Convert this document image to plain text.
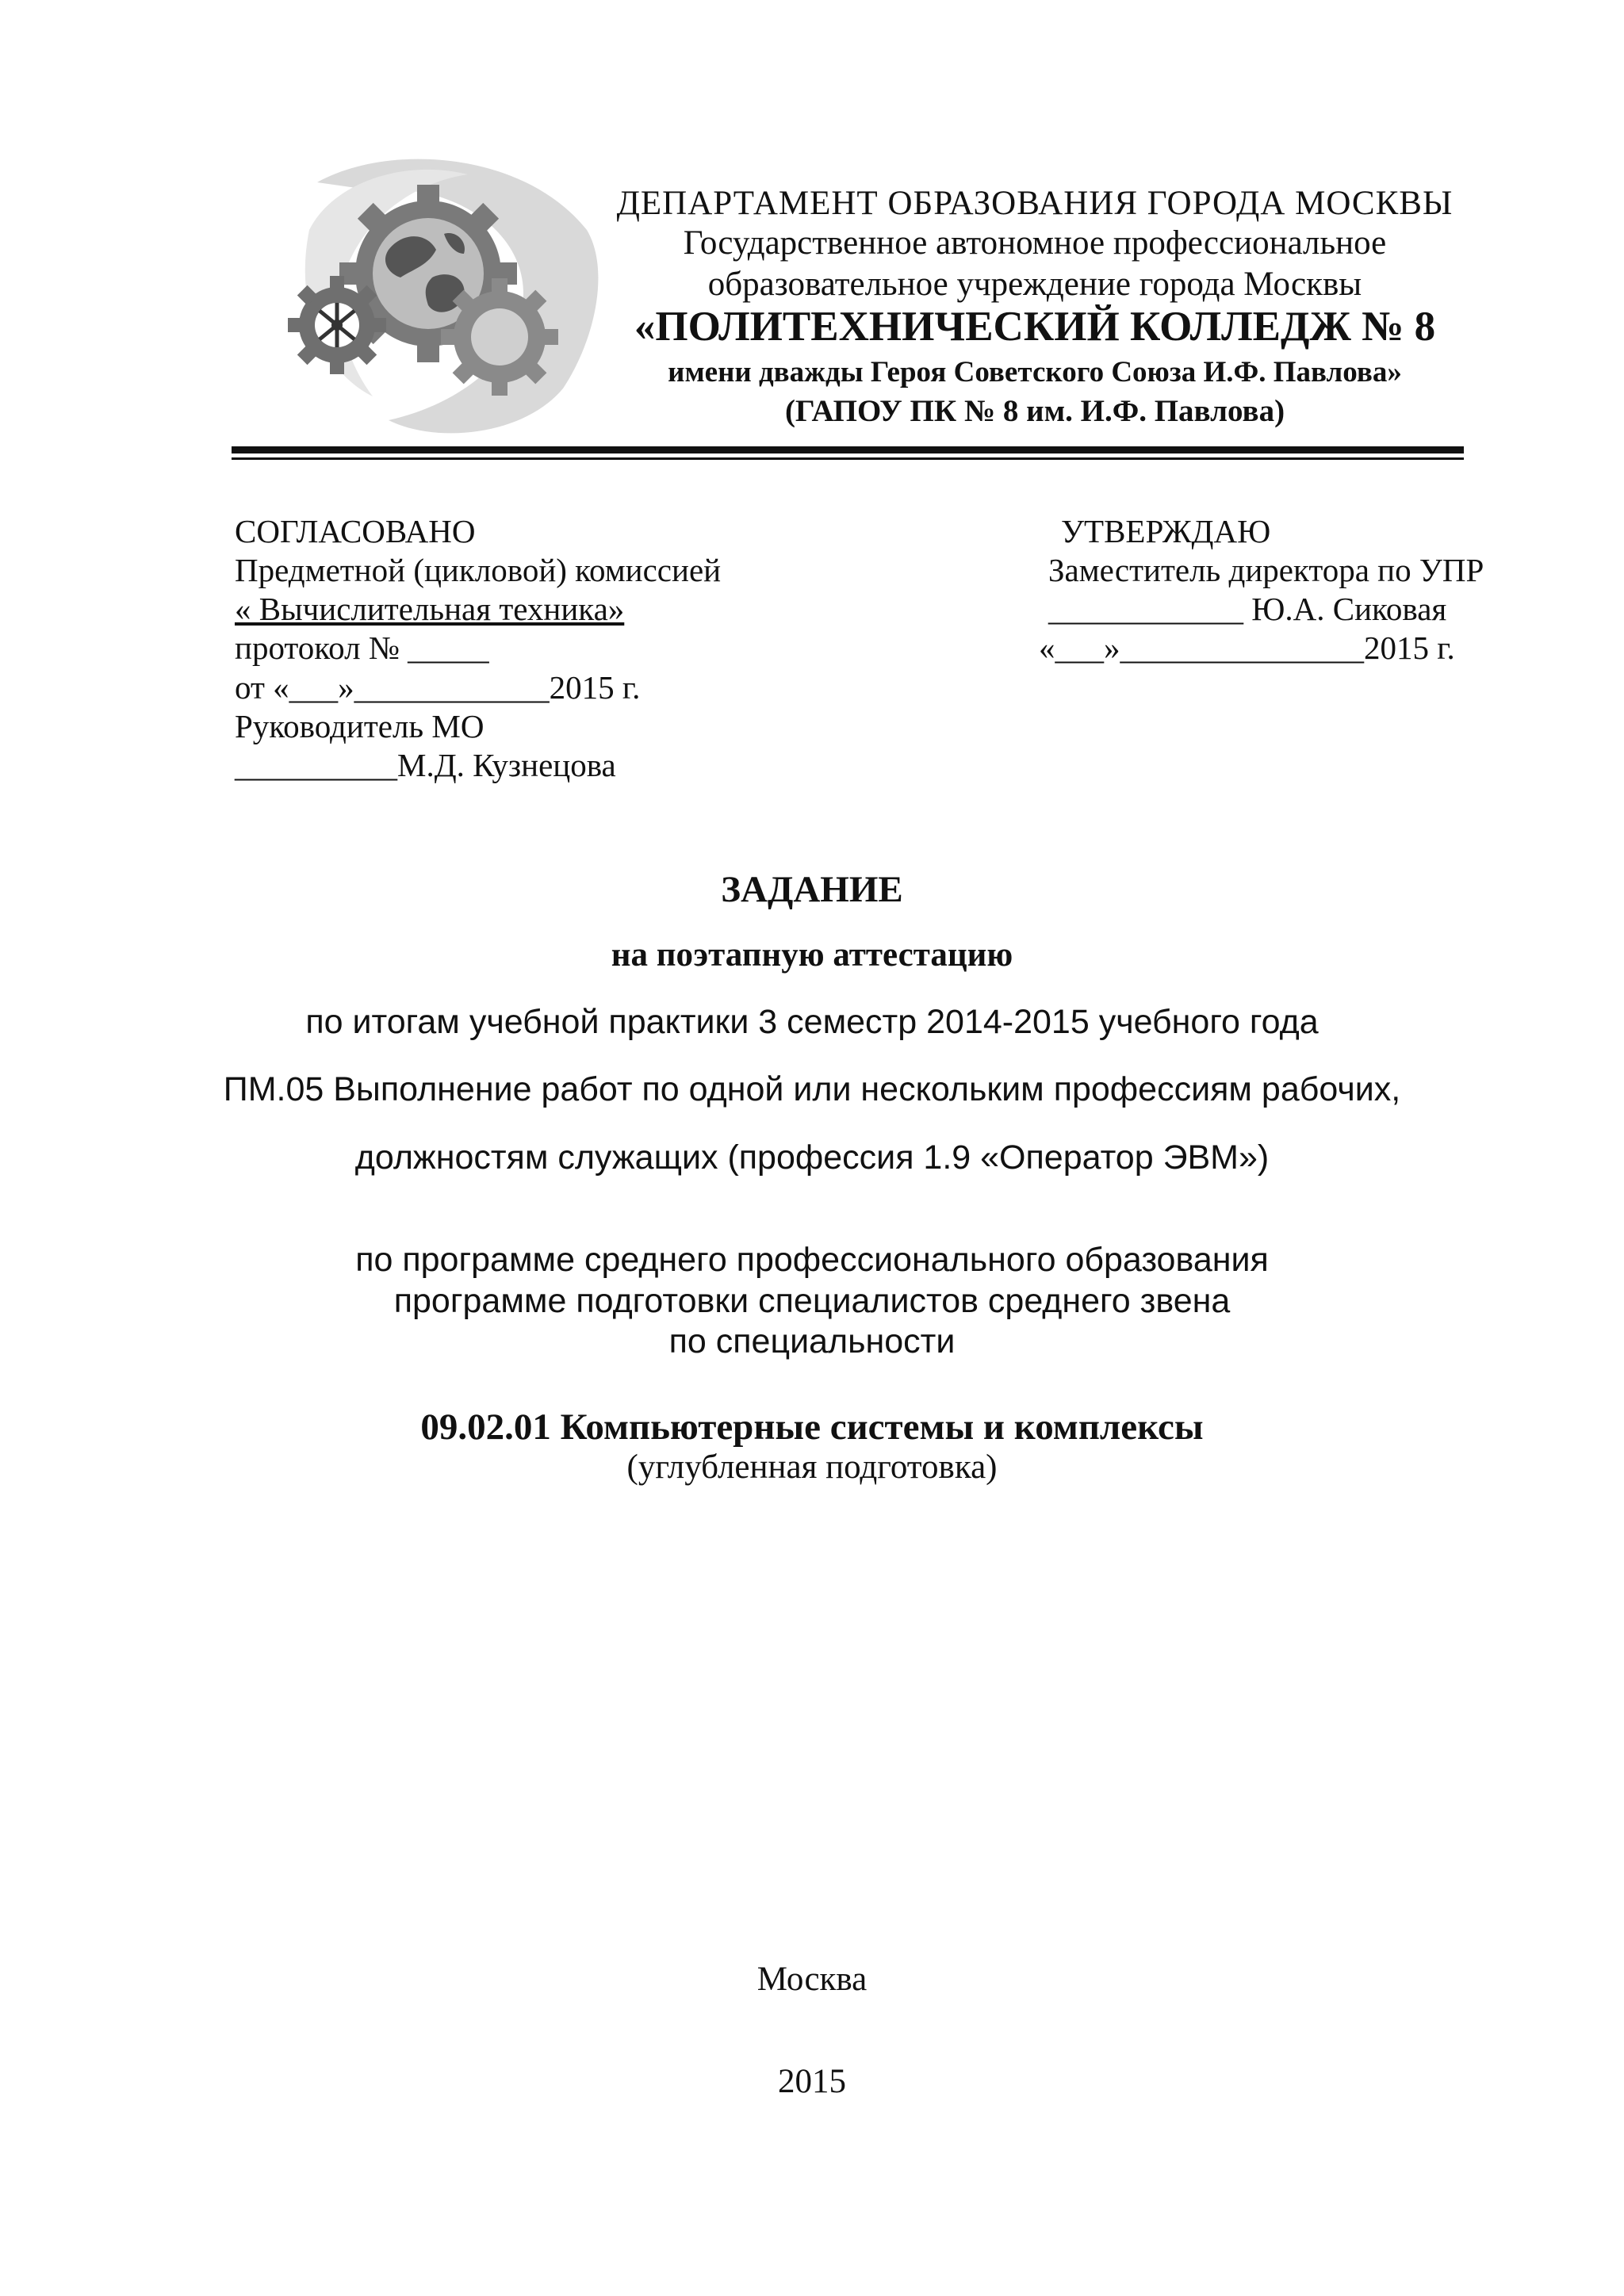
ДЕПАРТАМЕНТ ОБРАЗОВАНИЯ ГОРОДА МОСКВЫ
Государственное автономное профессиональное
образовательное учреждение города Москвы
«ПОЛИТЕХНИЧЕСКИЙ КОЛЛЕДЖ № 8
имени дважды Героя Советского Союза И.Ф. Павлова»
(ГАПОУ ПК № 8 им. И.Ф. Павлова)
СОГЛАСОВАНО
Предметной (цикловой) комиссией
« Вычислительная техника»
протокол № _____
от «___»____________2015 г.
Руководитель МО
__________М.Д. Кузнецова
УТВЕРЖДАЮ
Заместитель директора по УПР
____________ Ю.А. Сиковая
«___»_______________2015 г.
ЗАДАНИЕ
на поэтапную аттестацию
по итогам учебной практики 3 семестр 2014-2015 учебного года
ПМ.05 Выполнение работ по одной или нескольким профессиям рабочих,
должностям служащих (профессия 1.9 «Оператор ЭВМ»)
по программе среднего профессионального образования
программе подготовки специалистов среднего звена
по специальности
09.02.01 Компьютерные системы и комплексы
(углубленная подготовка)
Москва
2015
